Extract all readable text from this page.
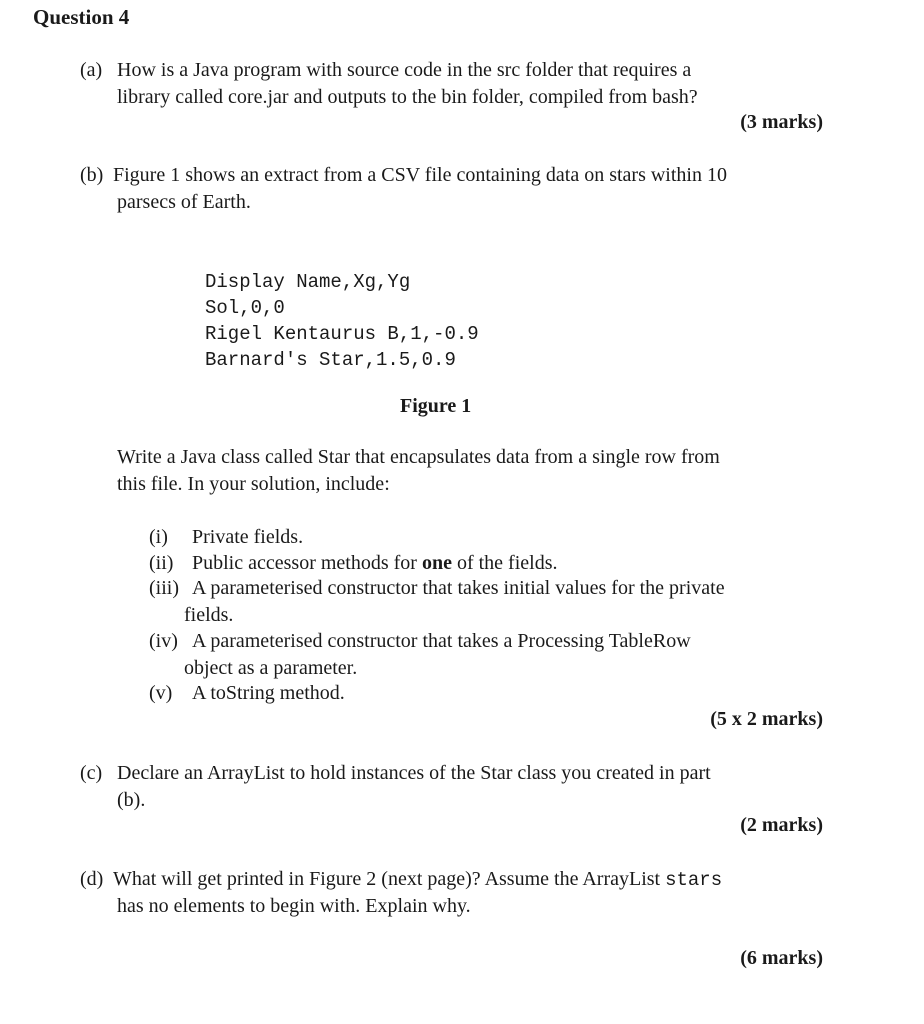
Question 4
(a) How is a Java program with source code in the src folder that requires a
library called core.jar and outputs to the bin folder, compiled from bash?
(3 marks)
(b) Figure 1 shows an extract from a CSV file containing data on stars within 10
parsecs of Earth.
Display Name,Xg,Yg
Sol,0,0
Rigel Kentaurus B,1,-0.9
Barnard's Star,1.5,0.9
Figure 1
Write a Java class called Star that encapsulates data from a single row from
this file. In your solution, include:
(i) Private fields.
(ii) Public accessor methods for one of the fields.
(iii) A parameterised constructor that takes initial values for the private
fields.
(iv) A parameterised constructor that takes a Processing TableRow
object as a parameter.
(v) A toString method.
(5 x 2 marks)
(c) Declare an ArrayList to hold instances of the Star class you created in part
(b).
(2 marks)
(d) What will get printed in Figure 2 (next page)? Assume the ArrayList stars
has no elements to begin with. Explain why.
(6 marks)
